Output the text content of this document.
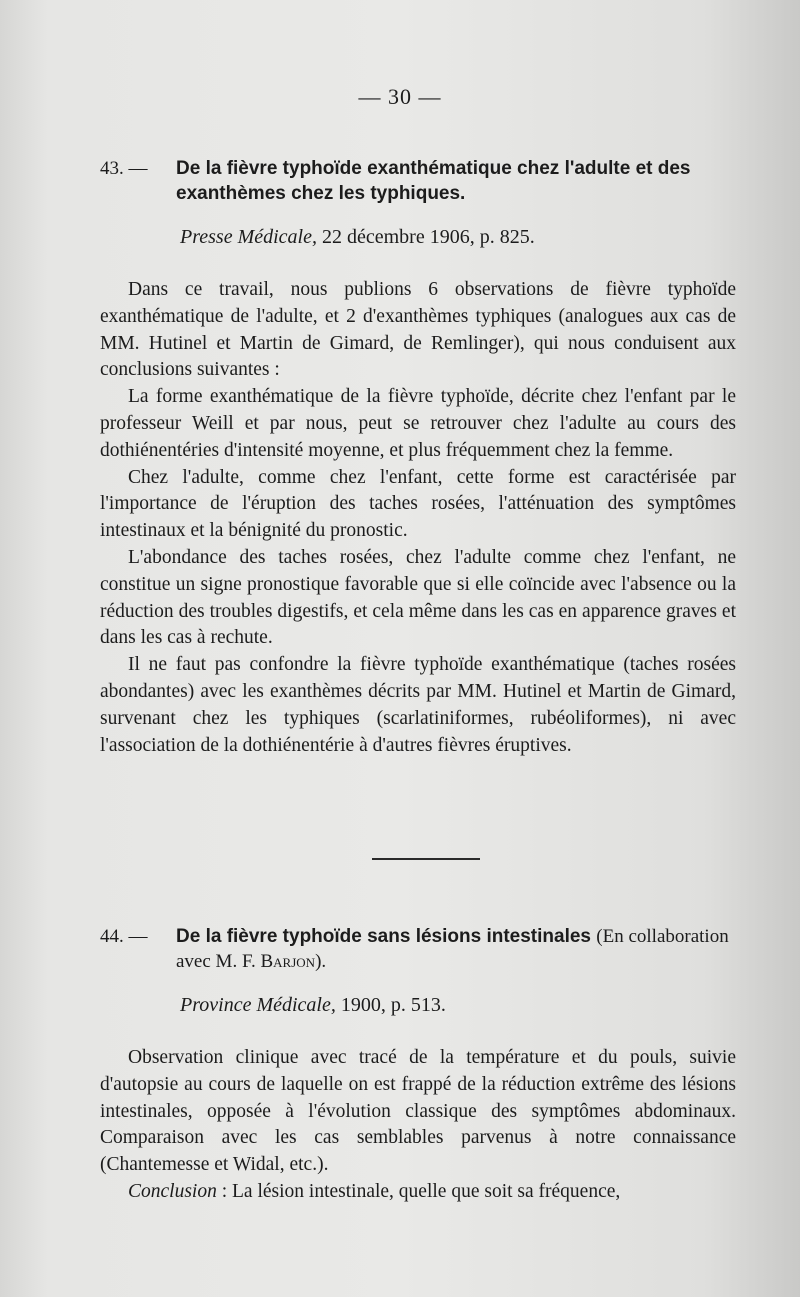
— 30 —
43. — De la fièvre typhoïde exanthématique chez l'adulte et des exanthèmes chez les typhiques.
Presse Médicale, 22 décembre 1906, p. 825.

Dans ce travail, nous publions 6 observations de fièvre typhoïde exanthématique de l'adulte, et 2 d'exanthèmes typhiques (analogues aux cas de MM. Hutinel et Martin de Gimard, de Remlinger), qui nous conduisent aux conclusions suivantes :

La forme exanthématique de la fièvre typhoïde, décrite chez l'enfant par le professeur Weill et par nous, peut se retrouver chez l'adulte au cours des dothiénentéries d'intensité moyenne, et plus fréquemment chez la femme.

Chez l'adulte, comme chez l'enfant, cette forme est caractérisée par l'importance de l'éruption des taches rosées, l'atténuation des symptômes intestinaux et la bénignité du pronostic.

L'abondance des taches rosées, chez l'adulte comme chez l'enfant, ne constitue un signe pronostique favorable que si elle coïncide avec l'absence ou la réduction des troubles digestifs, et cela même dans les cas en apparence graves et dans les cas à rechute.

Il ne faut pas confondre la fièvre typhoïde exanthématique (taches rosées abondantes) avec les exanthèmes décrits par MM. Hutinel et Martin de Gimard, survenant chez les typhiques (scarlatiniformes, rubéoliformes), ni avec l'association de la dothiénentérie à d'autres fièvres éruptives.

44. — De la fièvre typhoïde sans lésions intestinales (En collaboration avec M. F. Barjon).
Province Médicale, 1900, p. 513.

Observation clinique avec tracé de la température et du pouls, suivie d'autopsie au cours de laquelle on est frappé de la réduction extrême des lésions intestinales, opposée à l'évolution classique des symptômes abdominaux. Comparaison avec les cas semblables parvenus à notre connaissance (Chantemesse et Widal, etc.).

Conclusion : La lésion intestinale, quelle que soit sa fréquence,
